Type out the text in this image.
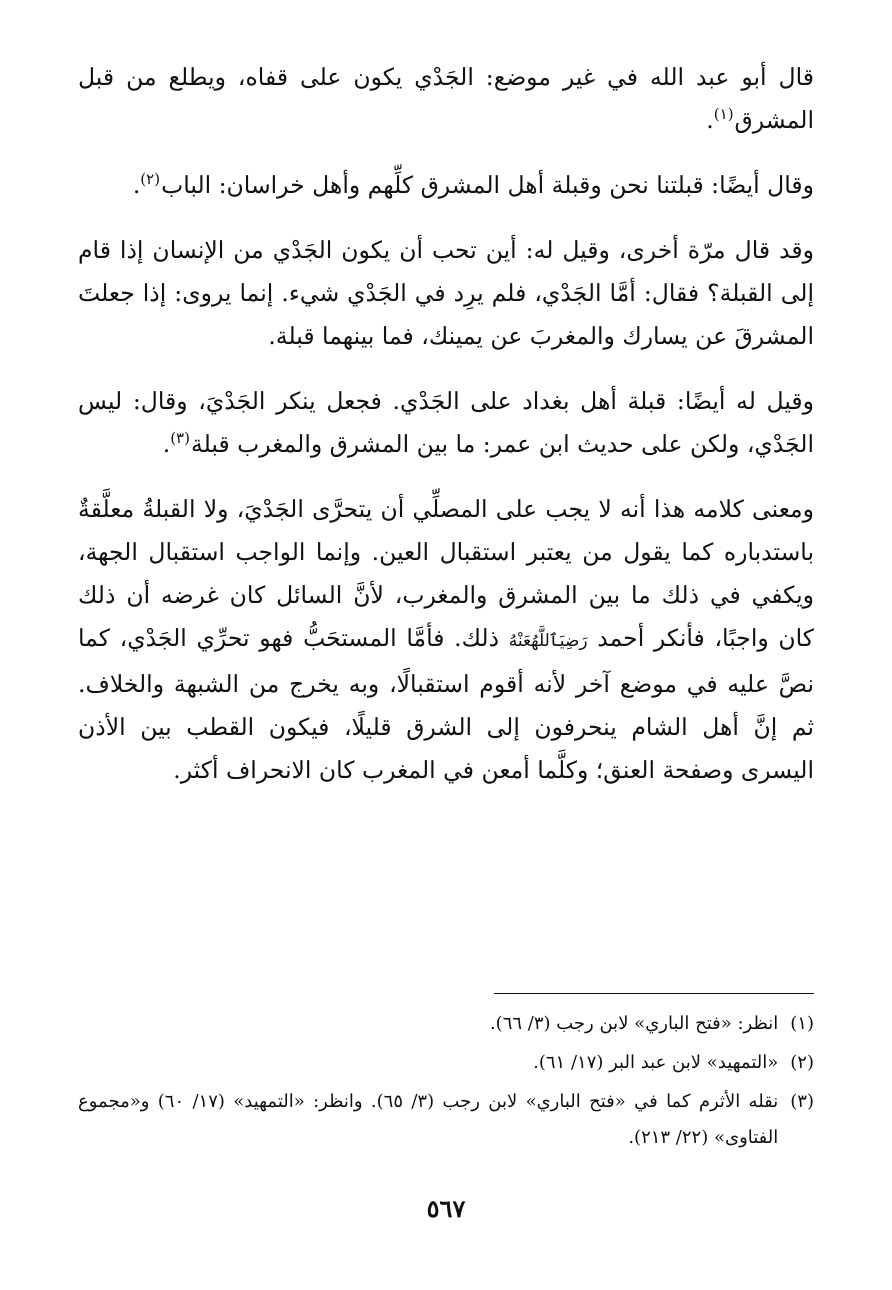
قال أبو عبد الله في غير موضع: الجَدْي يكون على قفاه، ويطلع من قبل المشرق$^{(١)}$.

وقال أيضًا: قبلتنا نحن وقبلة أهل المشرق كلِّهم وأهل خراسان: الباب$^{(٢)}$.

وقد قال مرّة أخرى، وقيل له: أين تحب أن يكون الجَدْي من الإنسان إذا قام إلى القبلة؟ فقال: أمَّا الجَدْي، فلم يرِد في الجَدْي شيء. إنما يروى: إذا جعلتَ المشرقَ عن يسارك والمغربَ عن يمينك، فما بينهما قبلة.

وقيل له أيضًا: قبلة أهل بغداد على الجَدْي. فجعل ينكر الجَدْيَ، وقال: ليس الجَدْي، ولكن على حديث ابن عمر: ما بين المشرق والمغرب قبلة$^{(٣)}$.

ومعنى كلامه هذا أنه لا يجب على المصلِّي أن يتحرَّى الجَدْيَ، ولا القبلةُ معلَّقةٌ باستدباره كما يقول من يعتبر استقبال العين. وإنما الواجب استقبال الجهة، ويكفي في ذلك ما بين المشرق والمغرب، لأنَّ السائل كان غرضه أن ذلك كان واجبًا، فأنكر أحمد رَضِيَٱللَّهُعَنْهُ ذلك. فأمَّا المستحَبُّ فهو تحرِّي الجَدْي، كما نصَّ عليه في موضع آخر لأنه أقوم استقبالًا، وبه يخرج من الشبهة والخلاف. ثم إنَّ أهل الشام ينحرفون إلى الشرق قليلًا، فيكون القطب بين الأذن اليسرى وصفحة العنق؛ وكلَّما أمعن في المغرب كان الانحراف أكثر.

(١)
انظر: «فتح الباري» لابن رجب (٣/ ٦٦).
(٢)
«التمهيد» لابن عبد البر (١٧/ ٦١).
(٣)
نقله الأثرم كما في «فتح الباري» لابن رجب (٣/ ٦٥). وانظر: «التمهيد» (١٧/ ٦٠) و«مجموع الفتاوى» (٢٢/ ٢١٣).
٥٦٧
